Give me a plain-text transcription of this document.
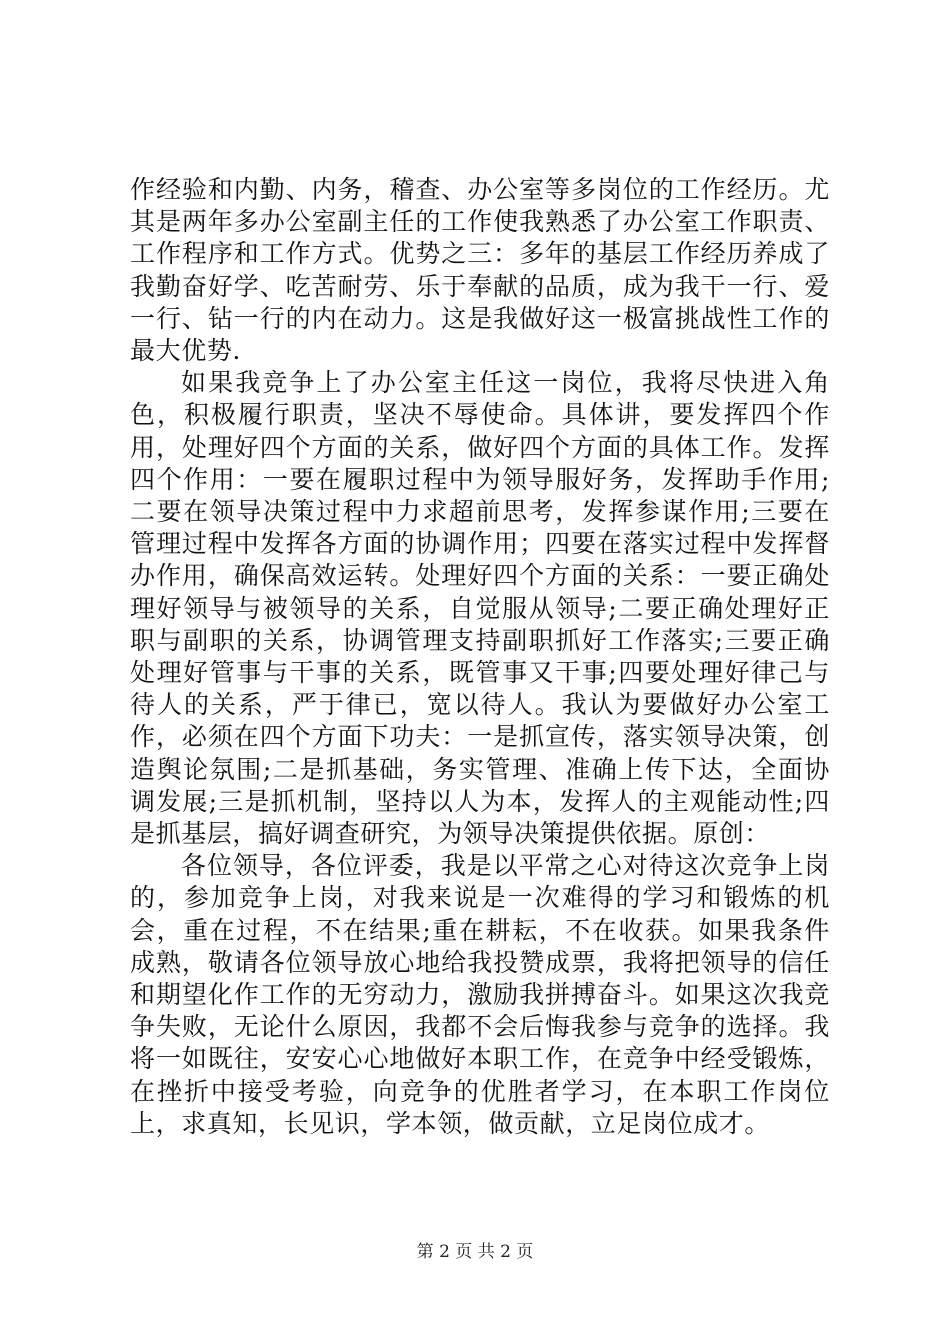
作经验和内勤、内务，稽查、办公室等多岗位的工作经历。尤其是两年多办公室副主任的工作使我熟悉了办公室工作职责、工作程序和工作方式。优势之三：多年的基层工作经历养成了我勤奋好学、吃苦耐劳、乐于奉献的品质，成为我干一行、爱一行、钻一行的内在动力。这是我做好这一极富挑战性工作的最大优势.

如果我竞争上了办公室主任这一岗位，我将尽快进入角色，积极履行职责，坚决不辱使命。具体讲，要发挥四个作用，处理好四个方面的关系，做好四个方面的具体工作。发挥四个作用：一要在履职过程中为领导服好务，发挥助手作用;二要在领导决策过程中力求超前思考，发挥参谋作用;三要在管理过程中发挥各方面的协调作用；四要在落实过程中发挥督办作用，确保高效运转。处理好四个方面的关系：一要正确处理好领导与被领导的关系，自觉服从领导;二要正确处理好正职与副职的关系，协调管理支持副职抓好工作落实;三要正确处理好管事与干事的关系，既管事又干事;四要处理好律己与待人的关系，严于律已，宽以待人。我认为要做好办公室工作，必须在四个方面下功夫：一是抓宣传，落实领导决策，创造舆论氛围;二是抓基础，务实管理、准确上传下达，全面协调发展;三是抓机制，坚持以人为本，发挥人的主观能动性;四是抓基层，搞好调查研究，为领导决策提供依据。原创：

各位领导，各位评委，我是以平常之心对待这次竞争上岗的，参加竞争上岗，对我来说是一次难得的学习和锻炼的机会，重在过程，不在结果;重在耕耘，不在收获。如果我条件成熟，敬请各位领导放心地给我投赞成票，我将把领导的信任和期望化作工作的无穷动力，激励我拼搏奋斗。如果这次我竞争失败，无论什么原因，我都不会后悔我参与竞争的选择。我将一如既往，安安心心地做好本职工作，在竞争中经受锻炼，在挫折中接受考验，向竞争的优胜者学习，在本职工作岗位上，求真知，长见识，学本领，做贡献，立足岗位成才。

第 2 页 共 2 页
